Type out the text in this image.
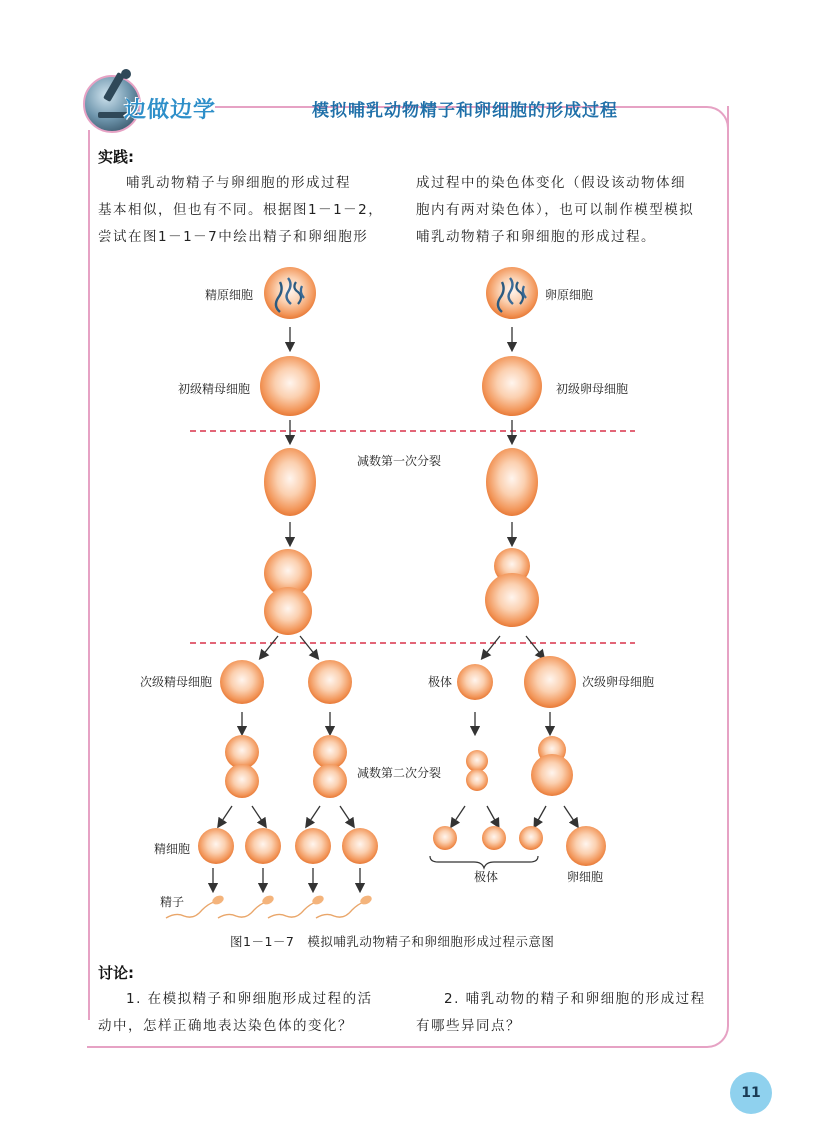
边做边学	模拟哺乳动物精子和卵细胞的形成过程
实践:
哺乳动物精子与卵细胞的形成过程
基本相似，但也有不同。根据图1－1－2，
尝试在图1－1－7中绘出精子和卵细胞形
成过程中的染色体变化（假设该动物体细
胞内有两对染色体），也可以制作模型模拟
哺乳动物精子和卵细胞的形成过程。
精原细胞	卵原细胞
初级精母细胞	初级卵母细胞
减数第一次分裂
次级精母细胞	极体	次级卵母细胞
减数第二次分裂
精细胞
精子
极体	卵细胞
图1－1－7　模拟哺乳动物精子和卵细胞形成过程示意图
讨论:
1. 在模拟精子和卵细胞形成过程的活
动中，怎样正确地表达染色体的变化？
2. 哺乳动物的精子和卵细胞的形成过程
有哪些异同点？
11
